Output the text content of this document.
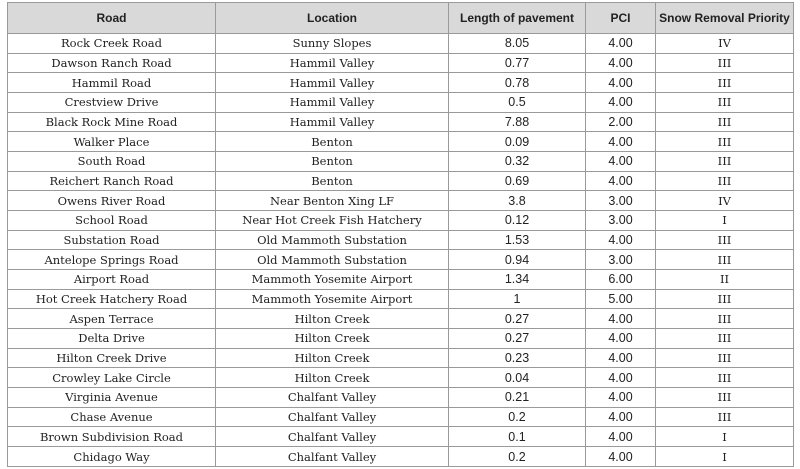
Road	Location	Length of pavement	PCI	Snow Removal Priority
Rock Creek Road	Sunny Slopes	8.05	4.00	IV
Dawson Ranch Road	Hammil Valley	0.77	4.00	III
Hammil Road	Hammil Valley	0.78	4.00	III
Crestview Drive	Hammil Valley	0.5	4.00	III
Black Rock Mine Road	Hammil Valley	7.88	2.00	III
Walker Place	Benton	0.09	4.00	III
South Road	Benton	0.32	4.00	III
Reichert Ranch Road	Benton	0.69	4.00	III
Owens River Road	Near Benton Xing LF	3.8	3.00	IV
School Road	Near Hot Creek Fish Hatchery	0.12	3.00	I
Substation Road	Old Mammoth Substation	1.53	4.00	III
Antelope Springs Road	Old Mammoth Substation	0.94	3.00	III
Airport Road	Mammoth Yosemite Airport	1.34	6.00	II
Hot Creek Hatchery Road	Mammoth Yosemite Airport	1	5.00	III
Aspen Terrace	Hilton Creek	0.27	4.00	III
Delta Drive	Hilton Creek	0.27	4.00	III
Hilton Creek Drive	Hilton Creek	0.23	4.00	III
Crowley Lake Circle	Hilton Creek	0.04	4.00	III
Virginia Avenue	Chalfant Valley	0.21	4.00	III
Chase Avenue	Chalfant Valley	0.2	4.00	III
Brown Subdivision Road	Chalfant Valley	0.1	4.00	I
Chidago Way	Chalfant Valley	0.2	4.00	I
